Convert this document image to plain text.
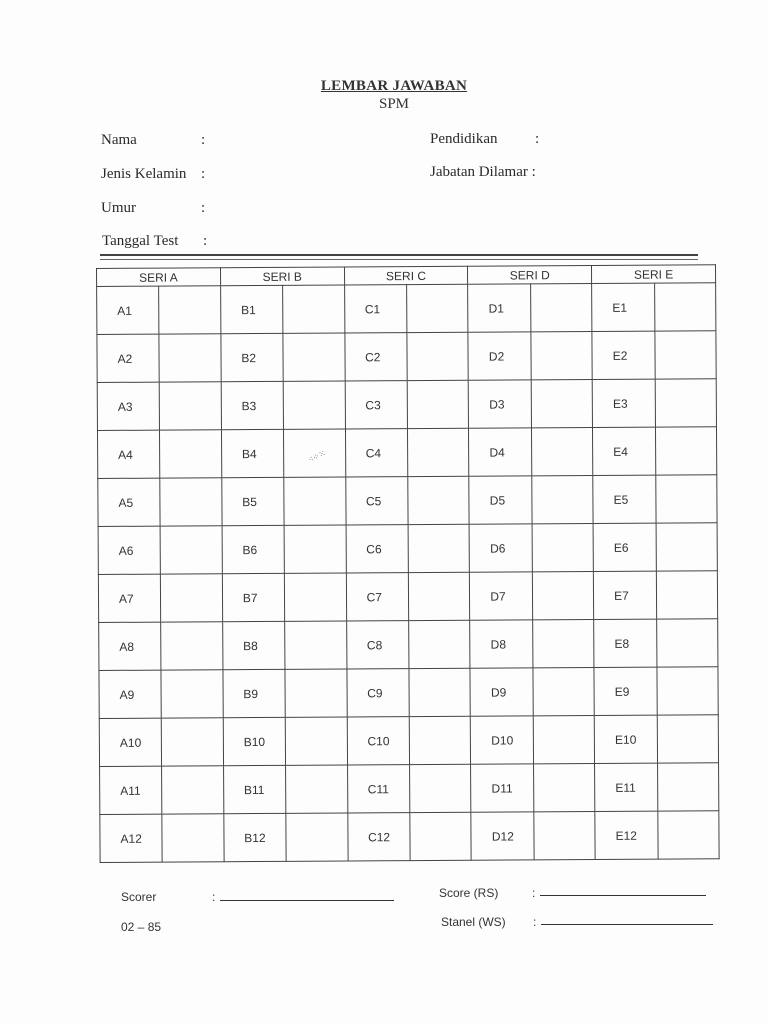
LEMBAR JAWABAN
SPM
Nama	:
Jenis Kelamin :
Umur	:
Tanggal Test :
Pendidikan	:
Jabatan Dilamar :
SERI A		SERI B		SERI C		SERI D		SERI E	
A1		B1		C1		D1		E1	
A2		B2		C2		D2		E2	
A3		B3		C3		D3		E3	
A4		B4		C4		D4		E4	
A5		B5		C5		D5		E5	
A6		B6		C6		D6		E6	
A7		B7		C7		D7		E7	
A8		B8		C8		D8		E8	
A9		B9		C9		D9		E9	
A10		B10		C10		D10		E10	
A11		B11		C11		D11		E11	
A12		B12		C12		D12		E12	
⁖⁘⁙
Scorer	:
02 – 85
Score (RS)	:
Stanel (WS) :
